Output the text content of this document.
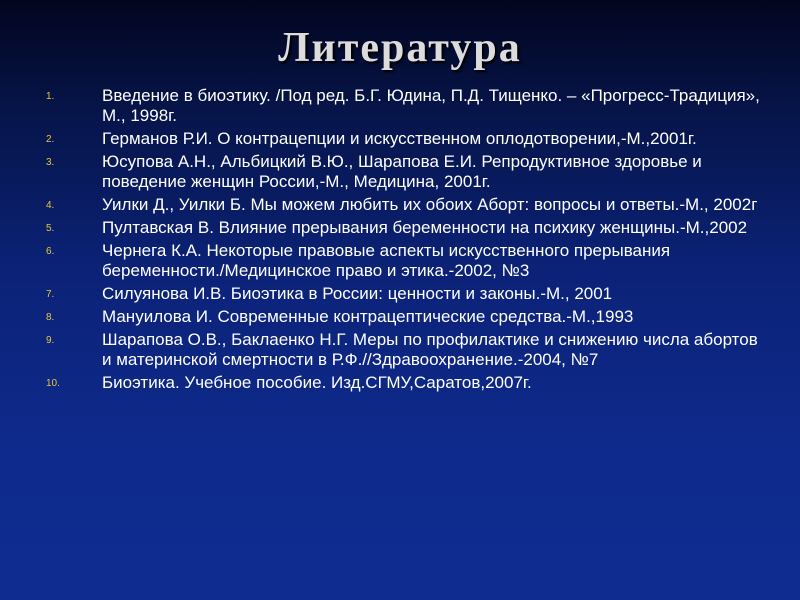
Литература
1.	Введение в биоэтику. /Под ред. Б.Г. Юдина, П.Д. Тищенко. – «Прогресс-Традиция», М., 1998г.
2.	Германов Р.И. О контрацепции и искусственном оплодотворении,-М.,2001г.
3.	Юсупова А.Н., Альбицкий В.Ю., Шарапова Е.И. Репродуктивное здоровье и поведение женщин России,-М., Медицина, 2001г.
4.	Уилки Д., Уилки Б. Мы можем любить их обоих Аборт: вопросы и ответы.-М., 2002г
5.	Пултавская В. Влияние прерывания беременности на психику женщины.-М.,2002
6.	Чернега К.А. Некоторые правовые аспекты искусственного прерывания беременности./Медицинское право и этика.-2002, №3
7.	Силуянова И.В. Биоэтика в России: ценности и законы.-М., 2001
8.	Мануилова И. Современные контрацептические средства.-М.,1993
9.	Шарапова О.В., Баклаенко Н.Г. Меры по профилактике и снижению числа абортов и материнской смертности в Р.Ф.//Здравоохранение.-2004, №7
10. Биоэтика. Учебное пособие. Изд.СГМУ,Саратов,2007г.
